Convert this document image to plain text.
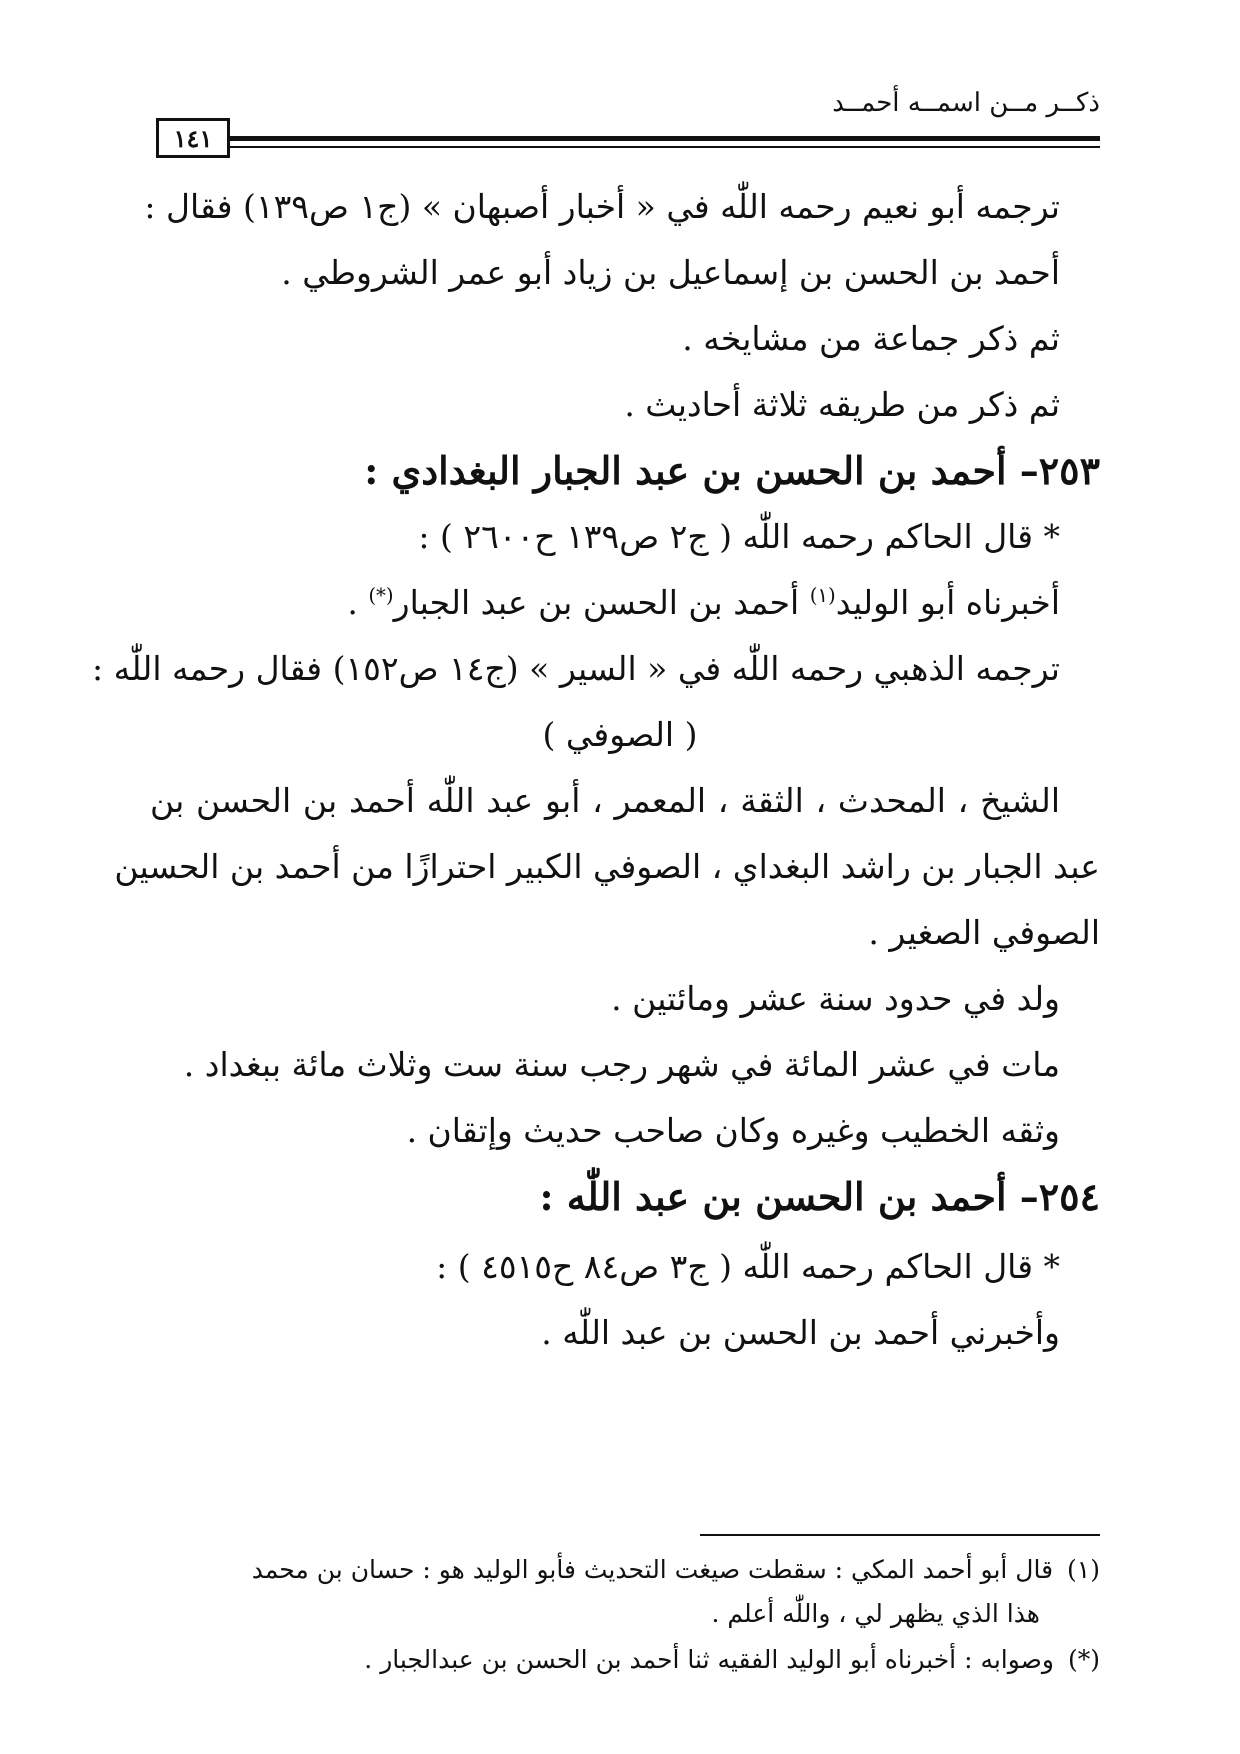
ذكــر مــن اسمــه أحمــد
١٤١
ترجمه أبو نعيم رحمه اللّٰه في « أخبار أصبهان » (ج١ ص١٣٩) فقال :
أحمد بن الحسن بن إسماعيل بن زياد أبو عمر الشروطي .
ثم ذكر جماعة من مشايخه .
ثم ذكر من طريقه ثلاثة أحاديث .
٢٥٣– أحمد بن الحسن بن عبد الجبار البغدادي :
* قال الحاكم رحمه اللّٰه ( ج٢ ص١٣٩ ح٢٦٠٠ ) :
أخبرناه أبو الوليد$^{(١)}$ أحمد بن الحسن بن عبد الجبار(*) .
ترجمه الذهبي رحمه اللّٰه في « السير » (ج١٤ ص١٥٢) فقال رحمه اللّٰه :
( الصوفي )
الشيخ ، المحدث ، الثقة ، المعمر ، أبو عبد اللّٰه أحمد بن الحسن بن
عبد الجبار بن راشد البغداي ، الصوفي الكبير احترازًا من أحمد بن الحسين
الصوفي الصغير .
ولد في حدود سنة عشر ومائتين .
مات في عشر المائة في شهر رجب سنة ست وثلاث مائة ببغداد .
وثقه الخطيب وغيره وكان صاحب حديث وإتقان .
٢٥٤– أحمد بن الحسن بن عبد اللّٰه :
* قال الحاكم رحمه اللّٰه ( ج٣ ص٨٤ ح٤٥١٥ ) :
وأخبرني أحمد بن الحسن بن عبد اللّٰه .
(١)قال أبو أحمد المكي : سقطت صيغت التحديث فأبو الوليد هو : حسان بن محمد
هذا الذي يظهر لي ، واللّٰه أعلم .
(*)وصوابه : أخبرناه أبو الوليد الفقيه ثنا أحمد بن الحسن بن عبدالجبار .
